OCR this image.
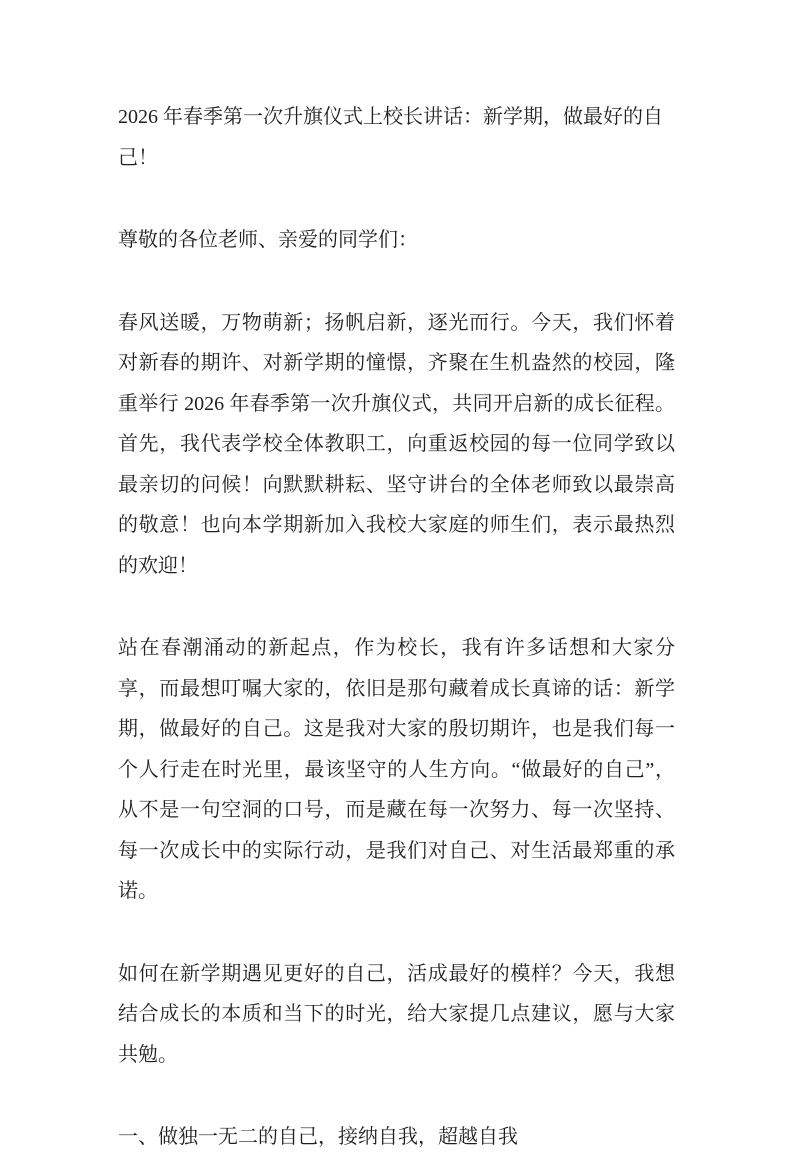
2026 年春季第一次升旗仪式上校长讲话：新学期，做最好的自己！

尊敬的各位老师、亲爱的同学们：

春风送暖，万物萌新；扬帆启新，逐光而行。今天，我们怀着对新春的期许、对新学期的憧憬，齐聚在生机盎然的校园，隆重举行 2026 年春季第一次升旗仪式，共同开启新的成长征程。首先，我代表学校全体教职工，向重返校园的每一位同学致以最亲切的问候！向默默耕耘、坚守讲台的全体老师致以最崇高的敬意！也向本学期新加入我校大家庭的师生们，表示最热烈的欢迎！

站在春潮涌动的新起点，作为校长，我有许多话想和大家分享，而最想叮嘱大家的，依旧是那句藏着成长真谛的话：新学期，做最好的自己。这是我对大家的殷切期许，也是我们每一个人行走在时光里，最该坚守的人生方向。“做最好的自己”，从不是一句空洞的口号，而是藏在每一次努力、每一次坚持、每一次成长中的实际行动，是我们对自己、对生活最郑重的承诺。

如何在新学期遇见更好的自己，活成最好的模样？今天，我想结合成长的本质和当下的时光，给大家提几点建议，愿与大家共勉。

一、做独一无二的自己，接纳自我，超越自我
